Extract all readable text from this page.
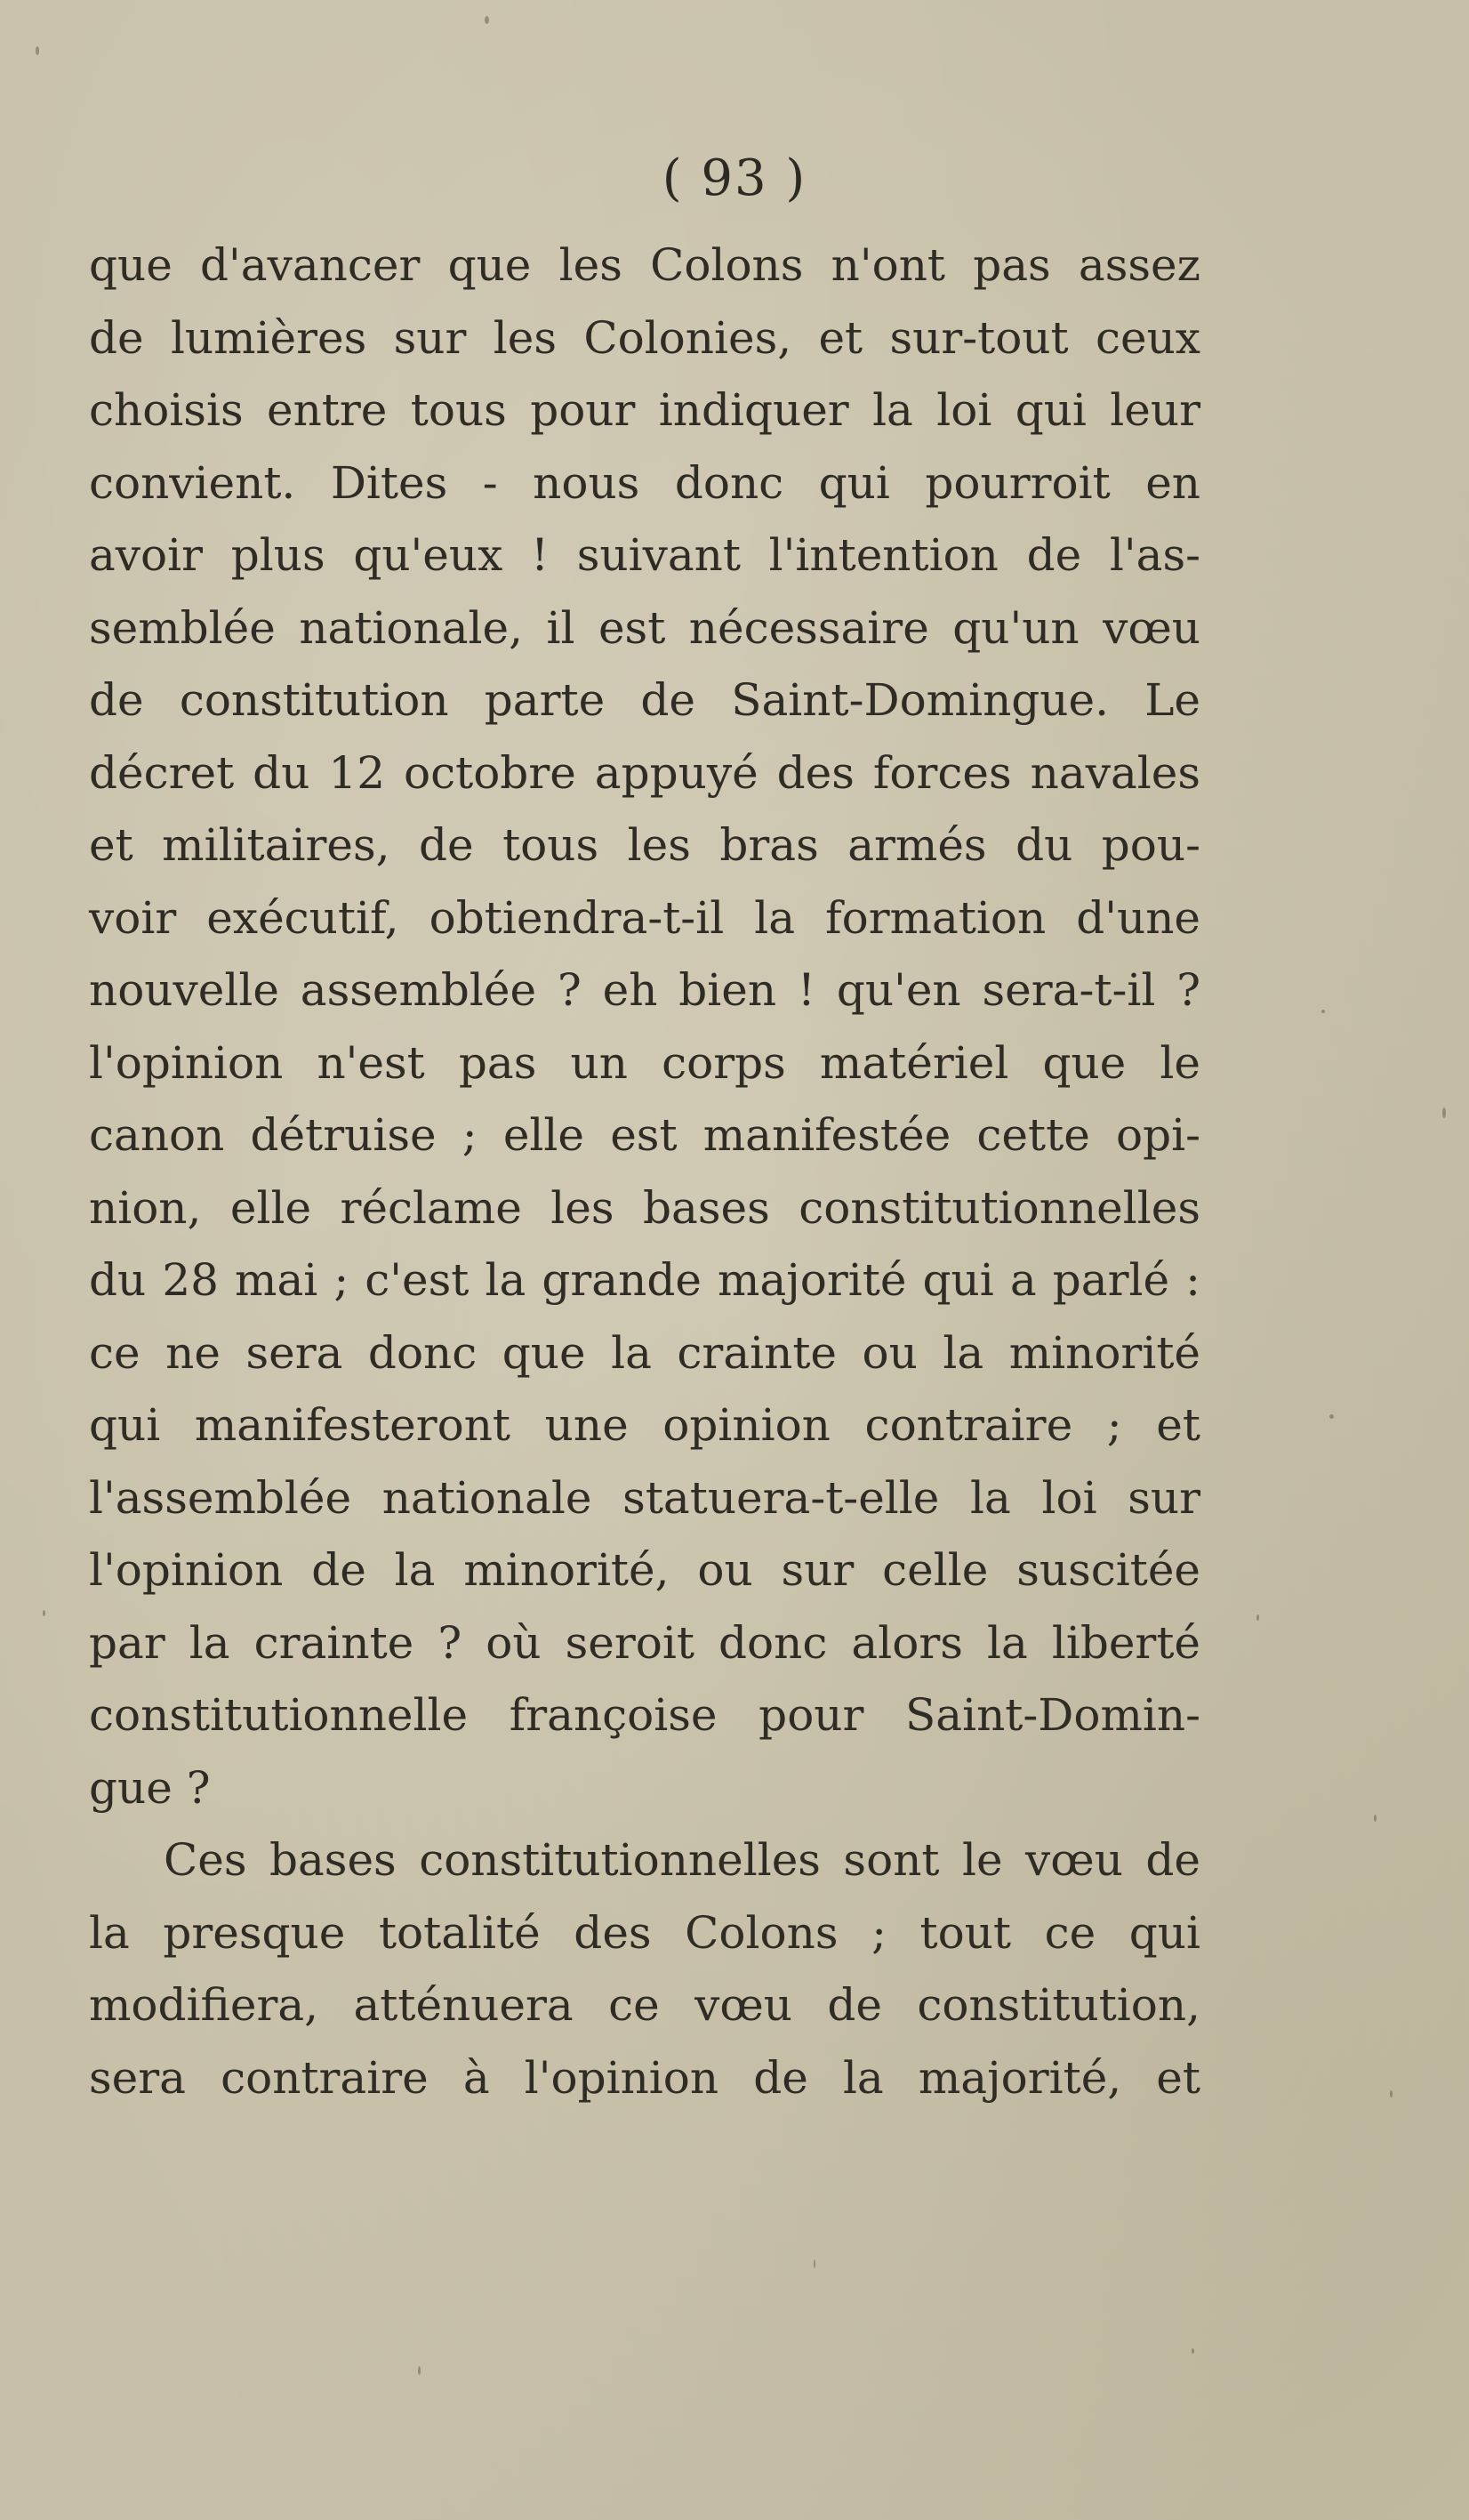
( 93 )
que d'avancer que les Colons n'ont pas assez
de lumières sur les Colonies, et sur-tout ceux
choisis entre tous pour indiquer la loi qui leur
convient. Dites - nous donc qui pourroit en
avoir plus qu'eux ! suivant l'intention de l'as-
semblée nationale, il est nécessaire qu'un vœu
de constitution parte de Saint-Domingue. Le
décret du 12 octobre appuyé des forces navales
et militaires, de tous les bras armés du pou-
voir exécutif, obtiendra-t-il la formation d'une
nouvelle assemblée ? eh bien ! qu'en sera-t-il ?
l'opinion n'est pas un corps matériel que le
canon détruise ; elle est manifestée cette opi-
nion, elle réclame les bases constitutionnelles
du 28 mai ; c'est la grande majorité qui a parlé :
ce ne sera donc que la crainte ou la minorité
qui manifesteront une opinion contraire ; et
l'assemblée nationale statuera-t-elle la loi sur
l'opinion de la minorité, ou sur celle suscitée
par la crainte ? où seroit donc alors la liberté
constitutionnelle françoise pour Saint-Domin-
gue ?
Ces bases constitutionnelles sont le vœu de
la presque totalité des Colons ; tout ce qui
modifiera, atténuera ce vœu de constitution,
sera contraire à l'opinion de la majorité, et
